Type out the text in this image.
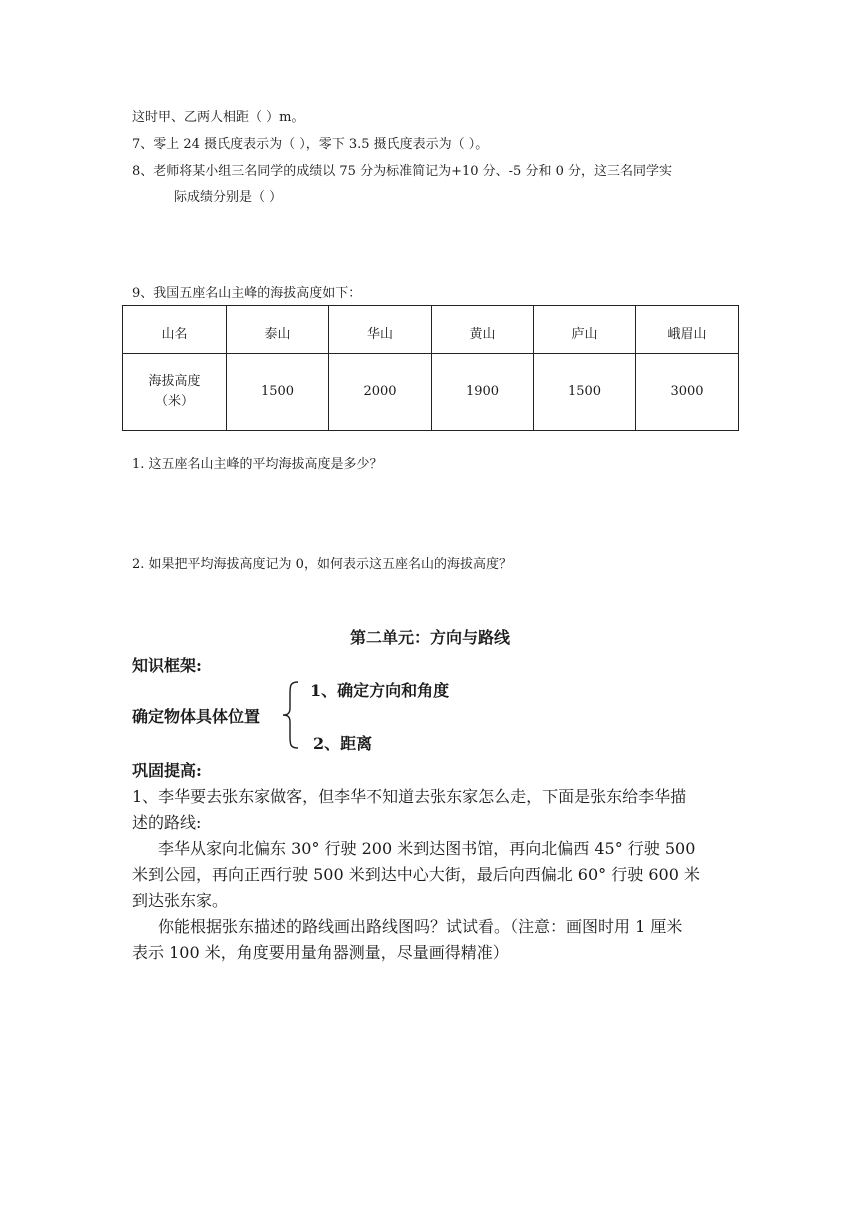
这时甲、乙两人相距（ ）m。
7、零上 24 摄氏度表示为（ ），零下 3.5 摄氏度表示为（ ）。
8、老师将某小组三名同学的成绩以 75 分为标准简记为+10 分、-5 分和 0 分，这三名同学实
际成绩分别是（ ）
9、我国五座名山主峰的海拔高度如下：
山名	泰山	华山	黄山	庐山	峨眉山

海拔高度
（米）	1500	2000	1900	1500	3000
1. 这五座名山主峰的平均海拔高度是多少？
2. 如果把平均海拔高度记为 0，如何表示这五座名山的海拔高度？
第二单元：方向与路线
知识框架:
确定物体具体位置
1、确定方向和角度
2、距离
巩固提高:
1、李华要去张东家做客，但李华不知道去张东家怎么走，下面是张东给李华描
述的路线:
李华从家向北偏东 30° 行驶 200 米到达图书馆，再向北偏西 45° 行驶 500
米到公园，再向正西行驶 500 米到达中心大街，最后向西偏北 60° 行驶 600 米
到达张东家。
你能根据张东描述的路线画出路线图吗？试试看。（注意：画图时用 1 厘米
表示 100 米，角度要用量角器测量，尽量画得精准）
